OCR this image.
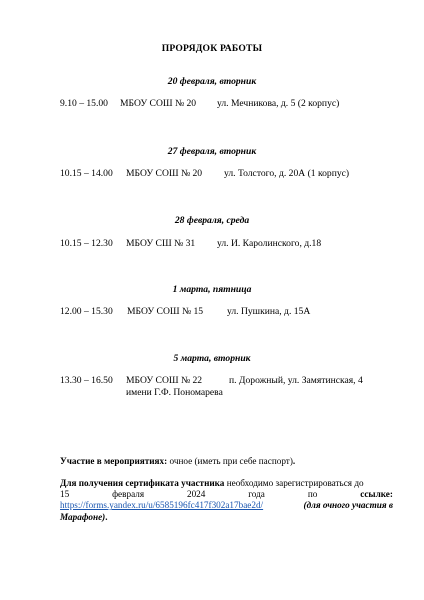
ПРОРЯДОК РАБОТЫ
20 февраля, вторник
9.10 – 15.00 МБОУ СОШ № 20 ул. Мечникова, д. 5 (2 корпус)
27 февраля, вторник
10.15 – 14.00 МБОУ СОШ № 20 ул. Толстого, д. 20А (1 корпус)
28 февраля, среда
10.15 – 12.30 МБОУ СШ № 31 ул. И. Каролинского, д.18
1 марта, пятница
12.00 – 15.30 МБОУ СОШ № 15 ул. Пушкина, д. 15А
5 марта, вторник
13.30 – 16.50 МБОУ СОШ № 22	п. Дорожный, ул. Замятинская, 4
имени Г.Ф. Пономарева
Участие в мероприятиях: очное (иметь при себе паспорт).
Для получения сертификата участника необходимо зарегистрироваться до
15	февраля	2024	года	по	ссылке:
https://forms.yandex.ru/u/6585196fc417f302a17bae2d/	(для очного участия в
Марафоне).
